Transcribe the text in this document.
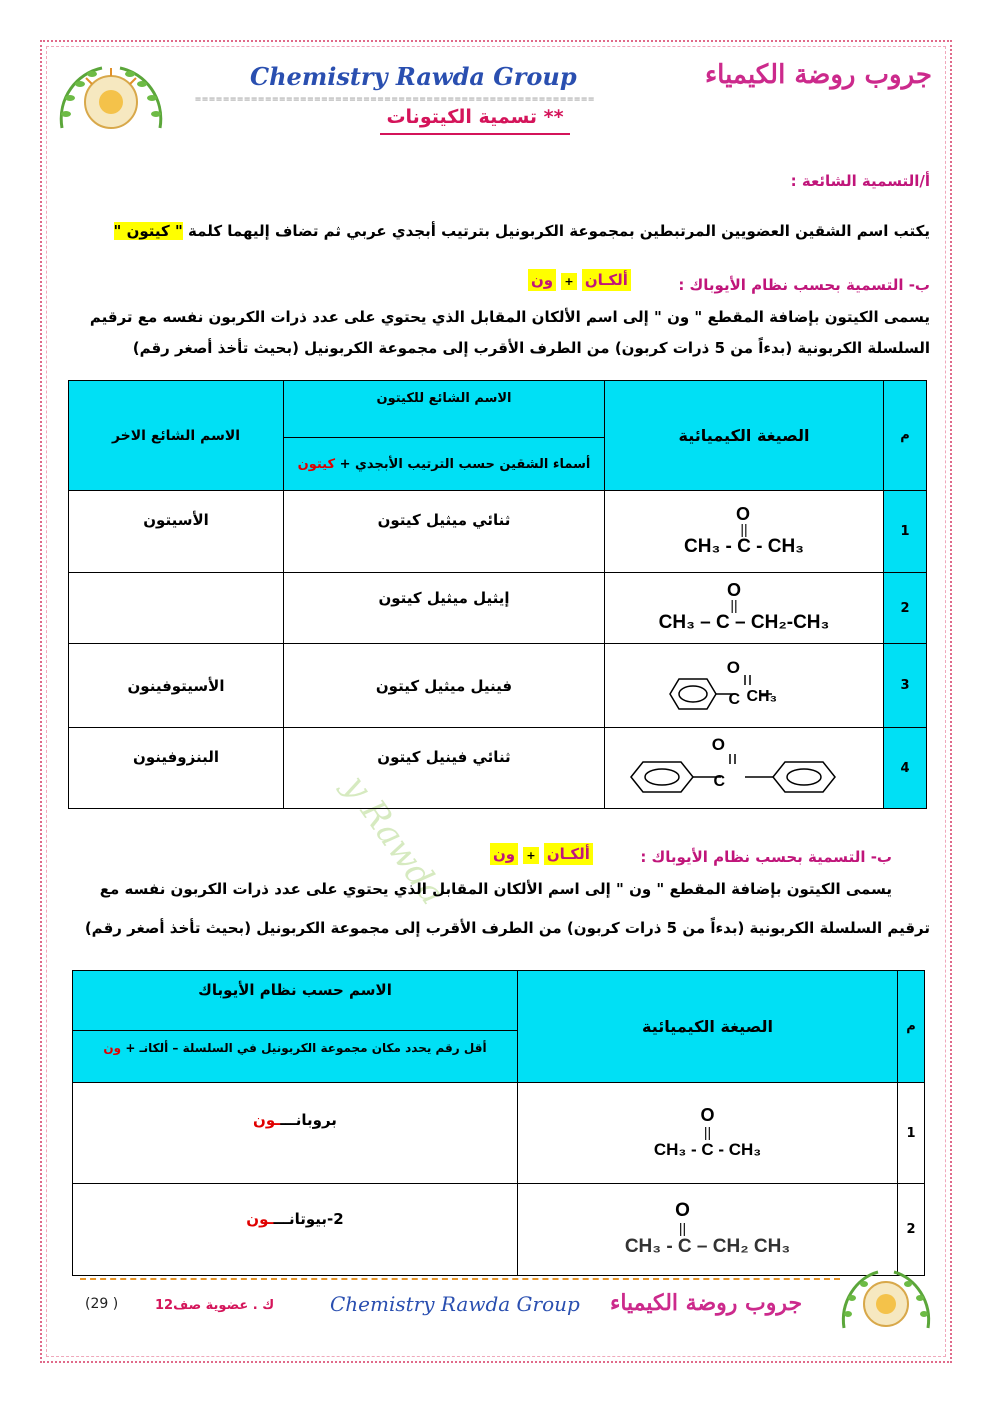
y Rawda
Chemistry Rawda Group	جروب روضة الكيمياء
=========================================================
** تسمية الكيتونات
أ/التسمية الشائعة :
يكتب اسم الشقين العضويين المرتبطين بمجموعة الكربونيل بترتيب أبجدي عربي ثم تضاف إليهما كلمة " كيتون "
ب- التسمية بحسب نظام الأيوباك :
ألكـان + ون
يسمى الكيتون بإضافة المقطع " ون " إلى اسم الألكان المقابل الذي يحتوي على عدد ذرات الكربون نفسه مع ترقيم
السلسلة الكربونية (بدءاً من 5 ذرات كربون) من الطرف الأقرب إلى مجموعة الكربونيل (بحيث تأخذ أصغر رقم)
م	الصيغة الكيميائية	الاسم الشائع للكيتون	الاسم الشائع الاخر
		أسماء الشقين حسب الترتيب الأبجدي + كيتون	
1	O
||
CH₃ - C - CH₃	ثنائي ميثيل كيتون	الأسيتون
2	O
||
CH₃ – C – CH₂-CH₃	إيثيل ميثيل كيتون	
3	O
C CH₃	فينيل ميثيل كيتون	الأسيتوفينون
4	O
C	ثنائي فينيل كيتون	البنزوفينون
ب- التسمية بحسب نظام الأيوباك :
ألكـان + ون
يسمى الكيتون بإضافة المقطع " ون " إلى اسم الألكان المقابل الذي يحتوي على عدد ذرات الكربون نفسه مع
ترقيم السلسلة الكربونية (بدءاً من 5 ذرات كربون) من الطرف الأقرب إلى مجموعة الكربونيل (بحيث تأخذ أصغر رقم)
م	الصيغة الكيميائية	الاسم حسب نظام الأيوباك
		أقل رقم يحدد مكان مجموعة الكربونيل في السلسلة – ألكانـ + ون
1	O
||
CH₃ - C - CH₃	بروبانــــون
2	O
||
CH₃ - C – CH₂ CH₃	2-بيوتانــــون
(29 )	ك . عضوية صف12	Chemistry Rawda Group جروب روضة الكيمياء
